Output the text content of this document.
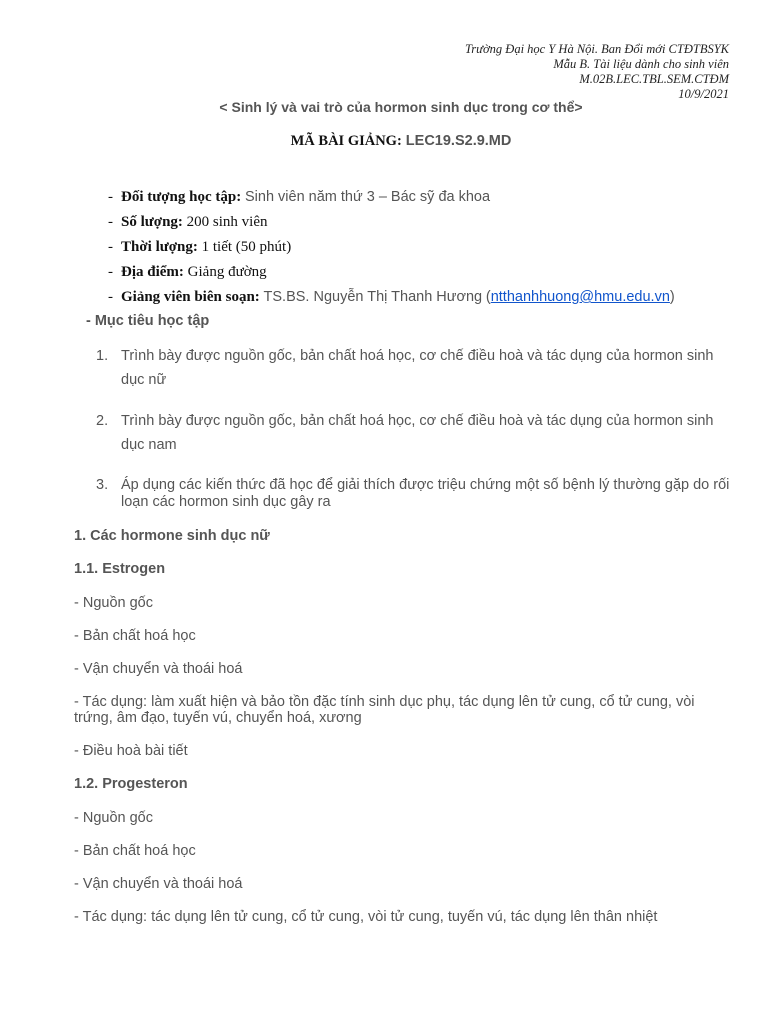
Trường Đại học Y Hà Nội. Ban Đổi mới CTĐTBSYK
Mẫu B. Tài liệu dành cho sinh viên
M.02B.LEC.TBL.SEM.CTĐM
10/9/2021
< Sinh lý và vai trò của hormon sinh dục trong cơ thể>
MÃ BÀI GIẢNG: LEC19.S2.9.MD
- Đối tượng học tập: Sinh viên năm thứ 3 – Bác sỹ đa khoa
- Số lượng: 200 sinh viên
- Thời lượng: 1 tiết (50 phút)
- Địa điểm: Giảng đường
- Giảng viên biên soạn: TS.BS. Nguyễn Thị Thanh Hương (ntthanhhuong@hmu.edu.vn)
- Mục tiêu học tập
1. Trình bày được nguồn gốc, bản chất hoá học, cơ chế điều hoà và tác dụng của hormon sinh dục nữ
2. Trình bày được nguồn gốc, bản chất hoá học, cơ chế điều hoà và tác dụng của hormon sinh dục nam
3. Áp dụng các kiến thức đã học để giải thích được triệu chứng một số bệnh lý thường gặp do rối loạn các hormon sinh dục gây ra
1. Các hormone sinh dục nữ
1.1. Estrogen
- Nguồn gốc
- Bản chất hoá học
- Vận chuyển và thoái hoá
- Tác dụng: làm xuất hiện và bảo tồn đặc tính sinh dục phụ, tác dụng lên tử cung, cổ tử cung, vòi trứng, âm đạo, tuyến vú, chuyển hoá, xương
- Điều hoà bài tiết
1.2. Progesteron
- Nguồn gốc
- Bản chất hoá học
- Vận chuyển và thoái hoá
- Tác dụng: tác dụng lên tử cung, cổ tử cung, vòi tử cung, tuyến vú, tác dụng lên thân nhiệt
